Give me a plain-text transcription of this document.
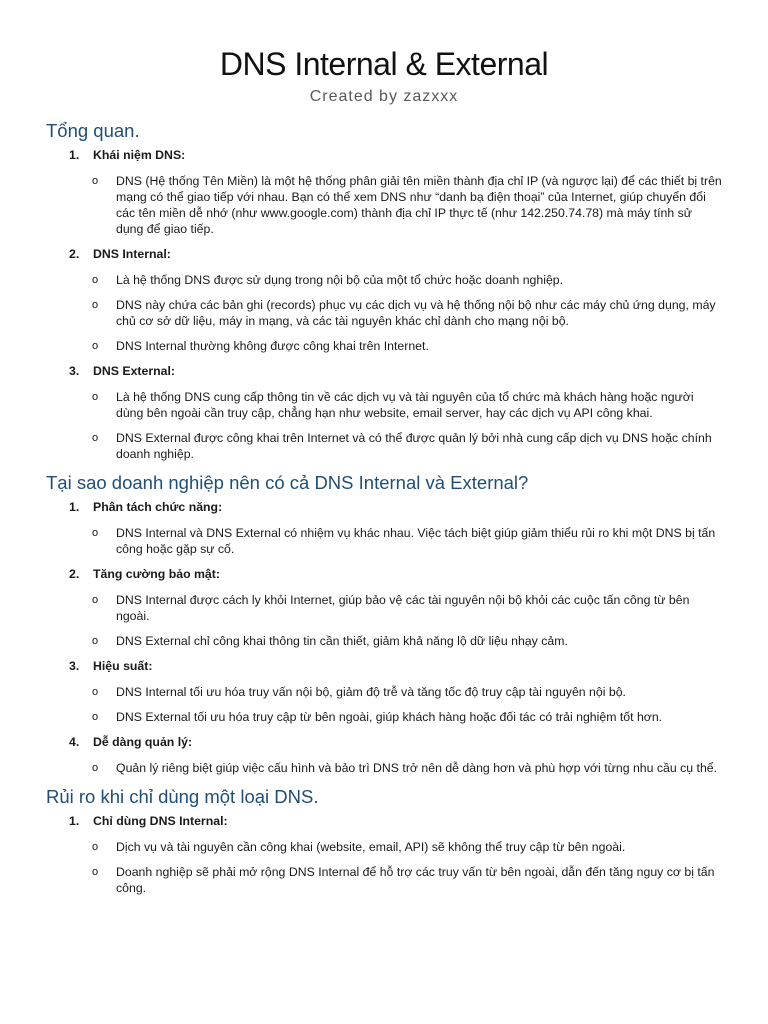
DNS Internal & External
Created by zazxxx
Tổng quan.
1. Khái niệm DNS:
o DNS (Hệ thống Tên Miền) là một hệ thống phân giải tên miền thành địa chỉ IP (và ngược lại) để các thiết bị trên mạng có thể giao tiếp với nhau. Bạn có thể xem DNS như “danh bạ điện thoại” của Internet, giúp chuyển đổi các tên miền dễ nhớ (như www.google.com) thành địa chỉ IP thực tế (như 142.250.74.78) mà máy tính sử dụng để giao tiếp.
2. DNS Internal:
o Là hệ thống DNS được sử dụng trong nội bộ của một tổ chức hoặc doanh nghiệp.
o DNS này chứa các bản ghi (records) phục vụ các dịch vụ và hệ thống nội bộ như các máy chủ ứng dụng, máy chủ cơ sở dữ liệu, máy in mạng, và các tài nguyên khác chỉ dành cho mạng nội bộ.
o DNS Internal thường không được công khai trên Internet.
3. DNS External:
o Là hệ thống DNS cung cấp thông tin về các dịch vụ và tài nguyên của tổ chức mà khách hàng hoặc người dùng bên ngoài cần truy cập, chẳng hạn như website, email server, hay các dịch vụ API công khai.
o DNS External được công khai trên Internet và có thể được quản lý bởi nhà cung cấp dịch vụ DNS hoặc chính doanh nghiệp.
Tại sao doanh nghiệp nên có cả DNS Internal và External?
1. Phân tách chức năng:
o DNS Internal và DNS External có nhiệm vụ khác nhau. Việc tách biệt giúp giảm thiểu rủi ro khi một DNS bị tấn công hoặc gặp sự cố.
2. Tăng cường bảo mật:
o DNS Internal được cách ly khỏi Internet, giúp bảo vệ các tài nguyên nội bộ khỏi các cuộc tấn công từ bên ngoài.
o DNS External chỉ công khai thông tin cần thiết, giảm khả năng lộ dữ liệu nhạy cảm.
3. Hiệu suất:
o DNS Internal tối ưu hóa truy vấn nội bộ, giảm độ trễ và tăng tốc độ truy cập tài nguyên nội bộ.
o DNS External tối ưu hóa truy cập từ bên ngoài, giúp khách hàng hoặc đối tác có trải nghiệm tốt hơn.
4. Dễ dàng quản lý:
o Quản lý riêng biệt giúp việc cấu hình và bảo trì DNS trở nên dễ dàng hơn và phù hợp với từng nhu cầu cụ thể.
Rủi ro khi chỉ dùng một loại DNS.
1. Chỉ dùng DNS Internal:
o Dịch vụ và tài nguyên cần công khai (website, email, API) sẽ không thể truy cập từ bên ngoài.
o Doanh nghiệp sẽ phải mở rộng DNS Internal để hỗ trợ các truy vấn từ bên ngoài, dẫn đến tăng nguy cơ bị tấn công.
